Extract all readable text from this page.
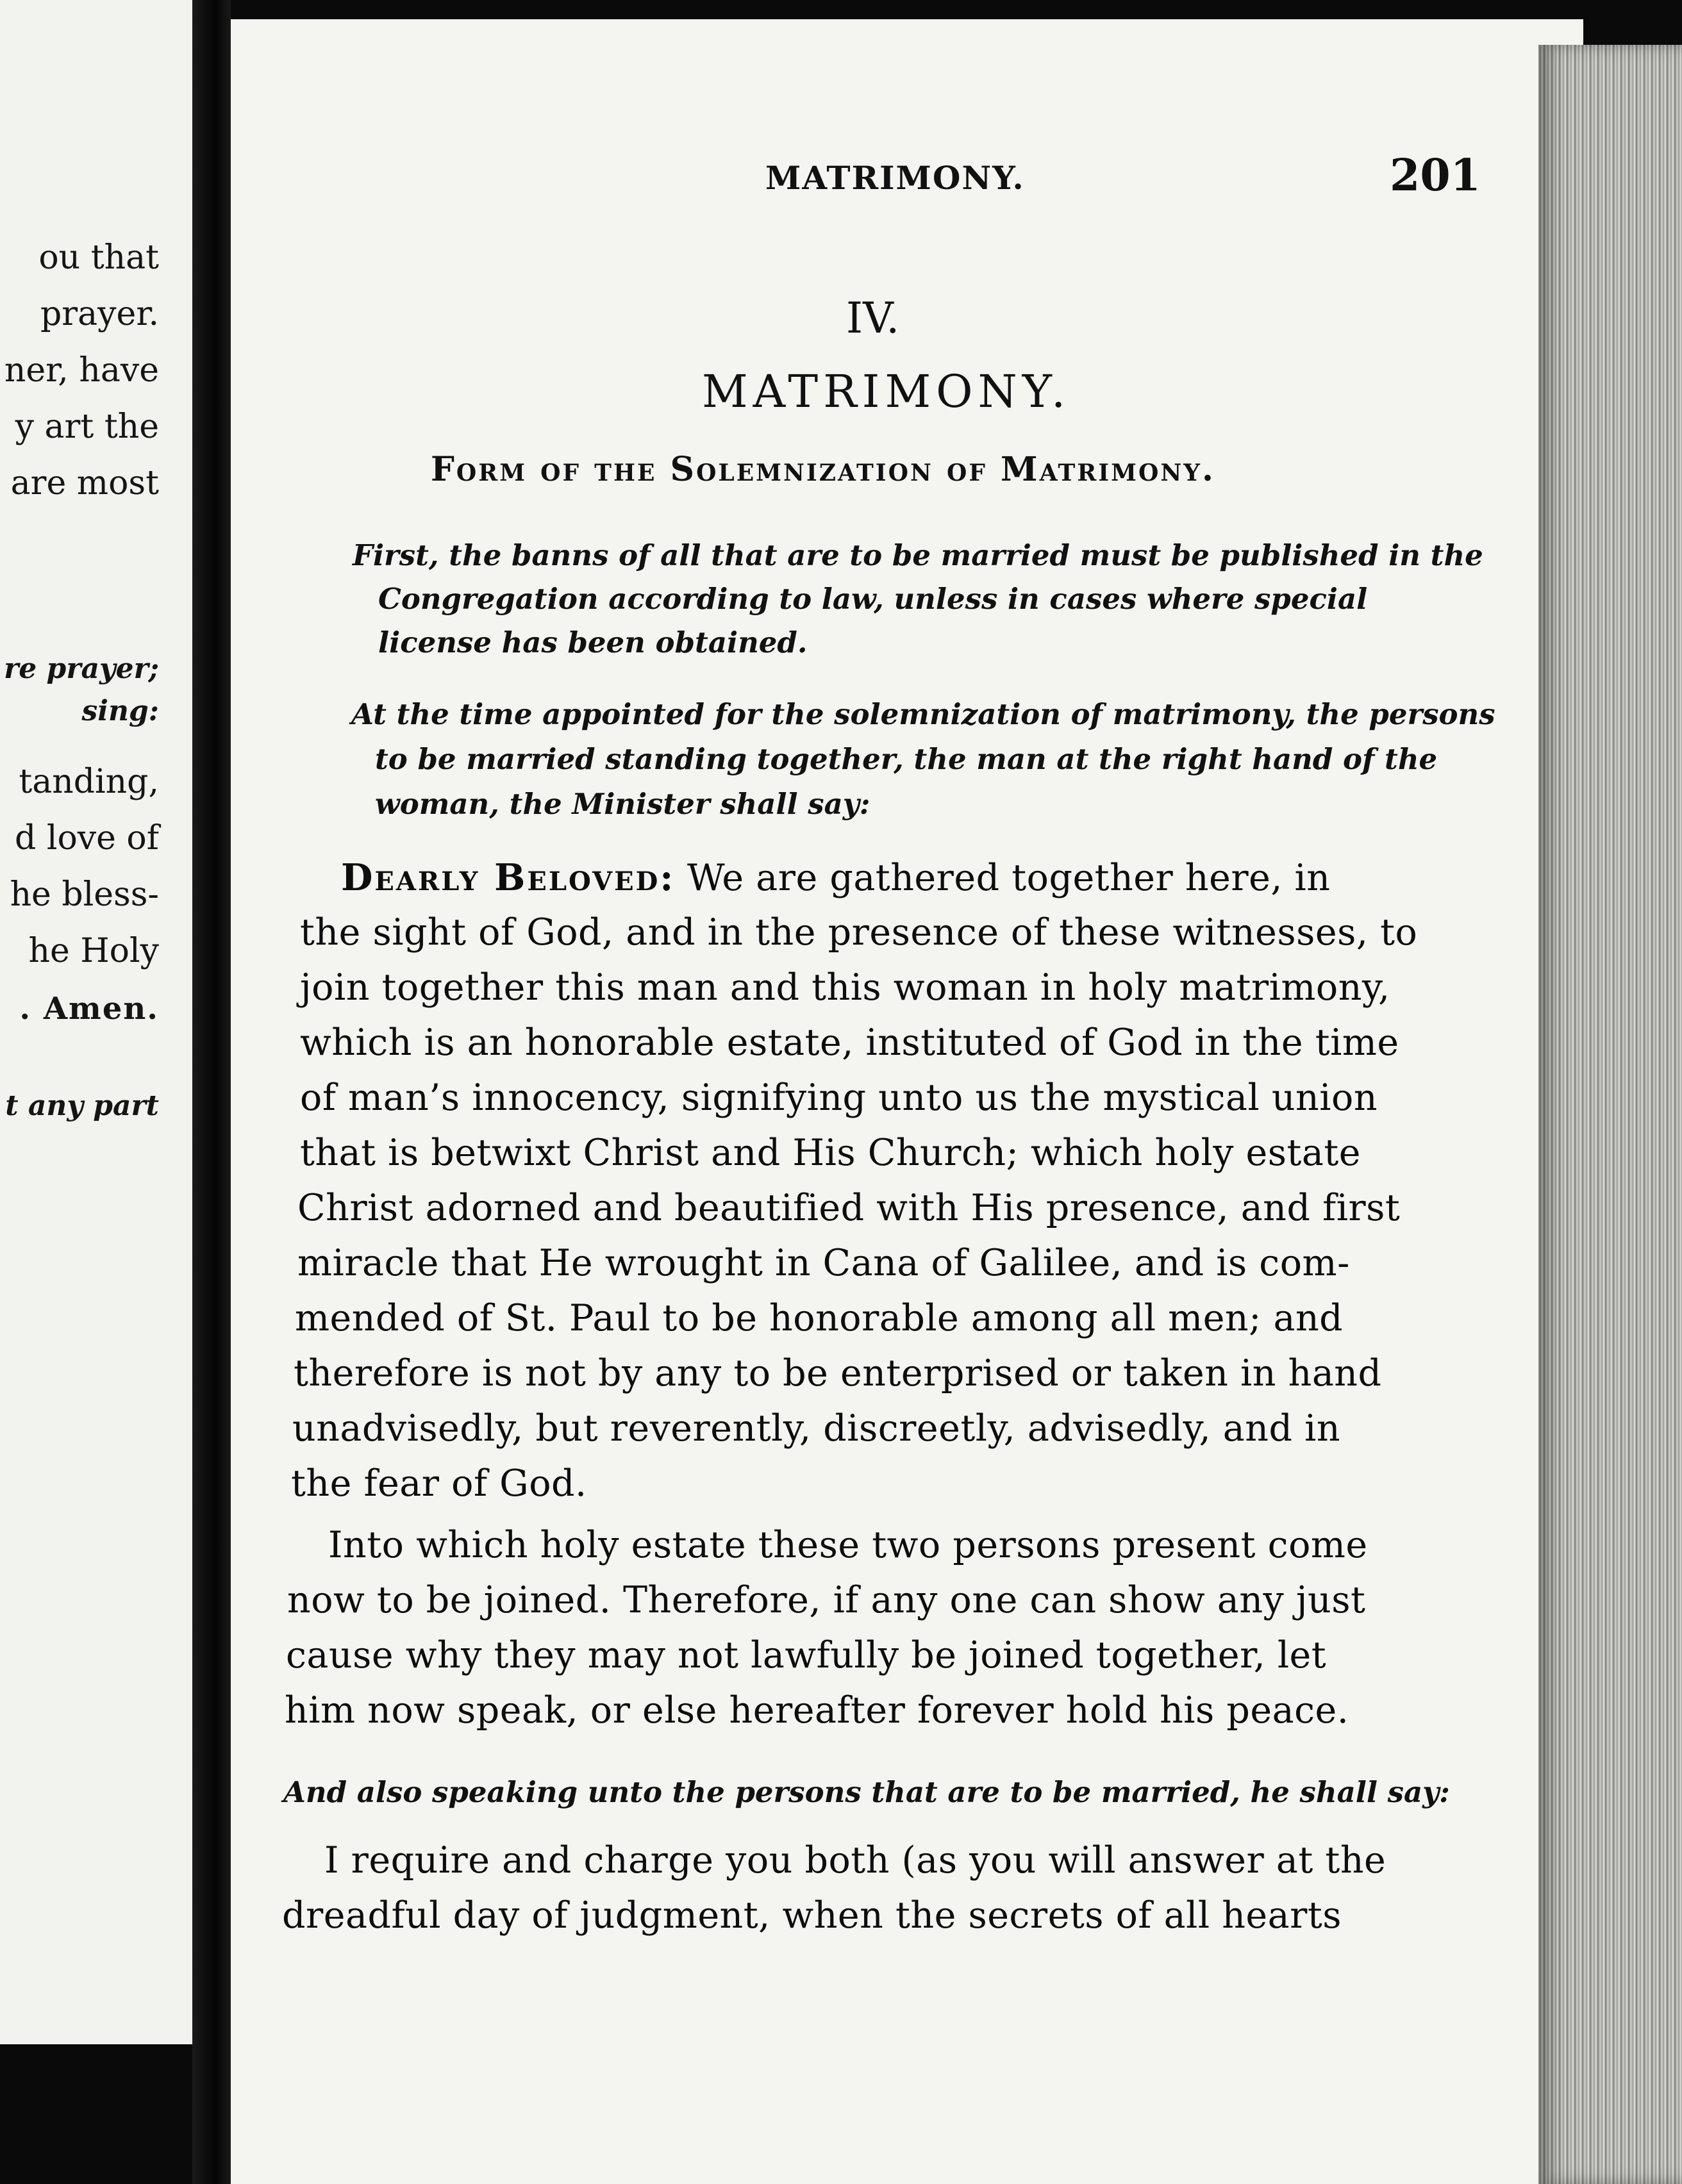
ou that
prayer.
ner, have
y art the
are most
re prayer;
sing:
tanding,
d love of
he bless-
he Holy
. Amen.
t any part
MATRIMONY.	201
IV.
MATRIMONY.
Form of the Solemnization of Matrimony.
First, the banns of all that are to be married must be published in the
Congregation according to law, unless in cases where special
license has been obtained.
At the time appointed for the solemnization of matrimony, the persons
to be married standing together, the man at the right hand of the
woman, the Minister shall say:
Dearly Beloved: We are gathered together here, in
the sight of God, and in the presence of these witnesses, to
join together this man and this woman in holy matrimony,
which is an honorable estate, instituted of God in the time
of man’s innocency, signifying unto us the mystical union
that is betwixt Christ and His Church; which holy estate
Christ adorned and beautified with His presence, and first
miracle that He wrought in Cana of Galilee, and is com-
mended of St. Paul to be honorable among all men; and
therefore is not by any to be enterprised or taken in hand
unadvisedly, but reverently, discreetly, advisedly, and in
the fear of God.
Into which holy estate these two persons present come
now to be joined. Therefore, if any one can show any just
cause why they may not lawfully be joined together, let
him now speak, or else hereafter forever hold his peace.
And also speaking unto the persons that are to be married, he shall say:
I require and charge you both (as you will answer at the
dreadful day of judgment, when the secrets of all hearts
